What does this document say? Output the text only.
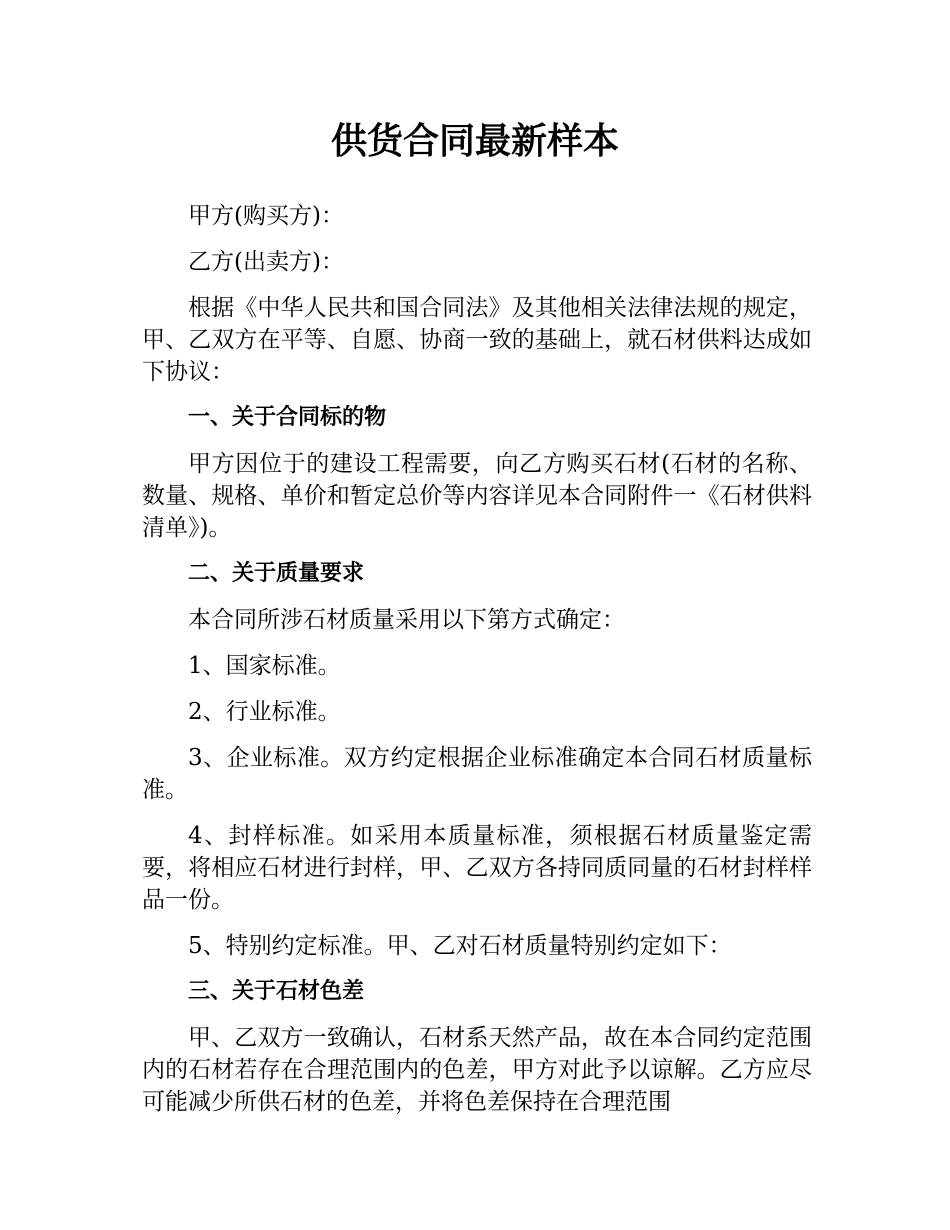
供货合同最新样本

甲方(购买方)：

乙方(出卖方)：

根据《中华人民共和国合同法》及其他相关法律法规的规定，甲、乙双方在平等、自愿、协商一致的基础上，就石材供料达成如下协议：

一、关于合同标的物

甲方因位于的建设工程需要，向乙方购买石材(石材的名称、数量、规格、单价和暂定总价等内容详见本合同附件一《石材供料清单》)。

二、关于质量要求

本合同所涉石材质量采用以下第方式确定：

1、国家标准。

2、行业标准。

3、企业标准。双方约定根据企业标准确定本合同石材质量标准。

4、封样标准。如采用本质量标准，须根据石材质量鉴定需要，将相应石材进行封样，甲、乙双方各持同质同量的石材封样样品一份。

5、特别约定标准。甲、乙对石材质量特别约定如下：

三、关于石材色差

甲、乙双方一致确认，石材系天然产品，故在本合同约定范围内的石材若存在合理范围内的色差，甲方对此予以谅解。乙方应尽可能减少所供石材的色差，并将色差保持在合理范围
